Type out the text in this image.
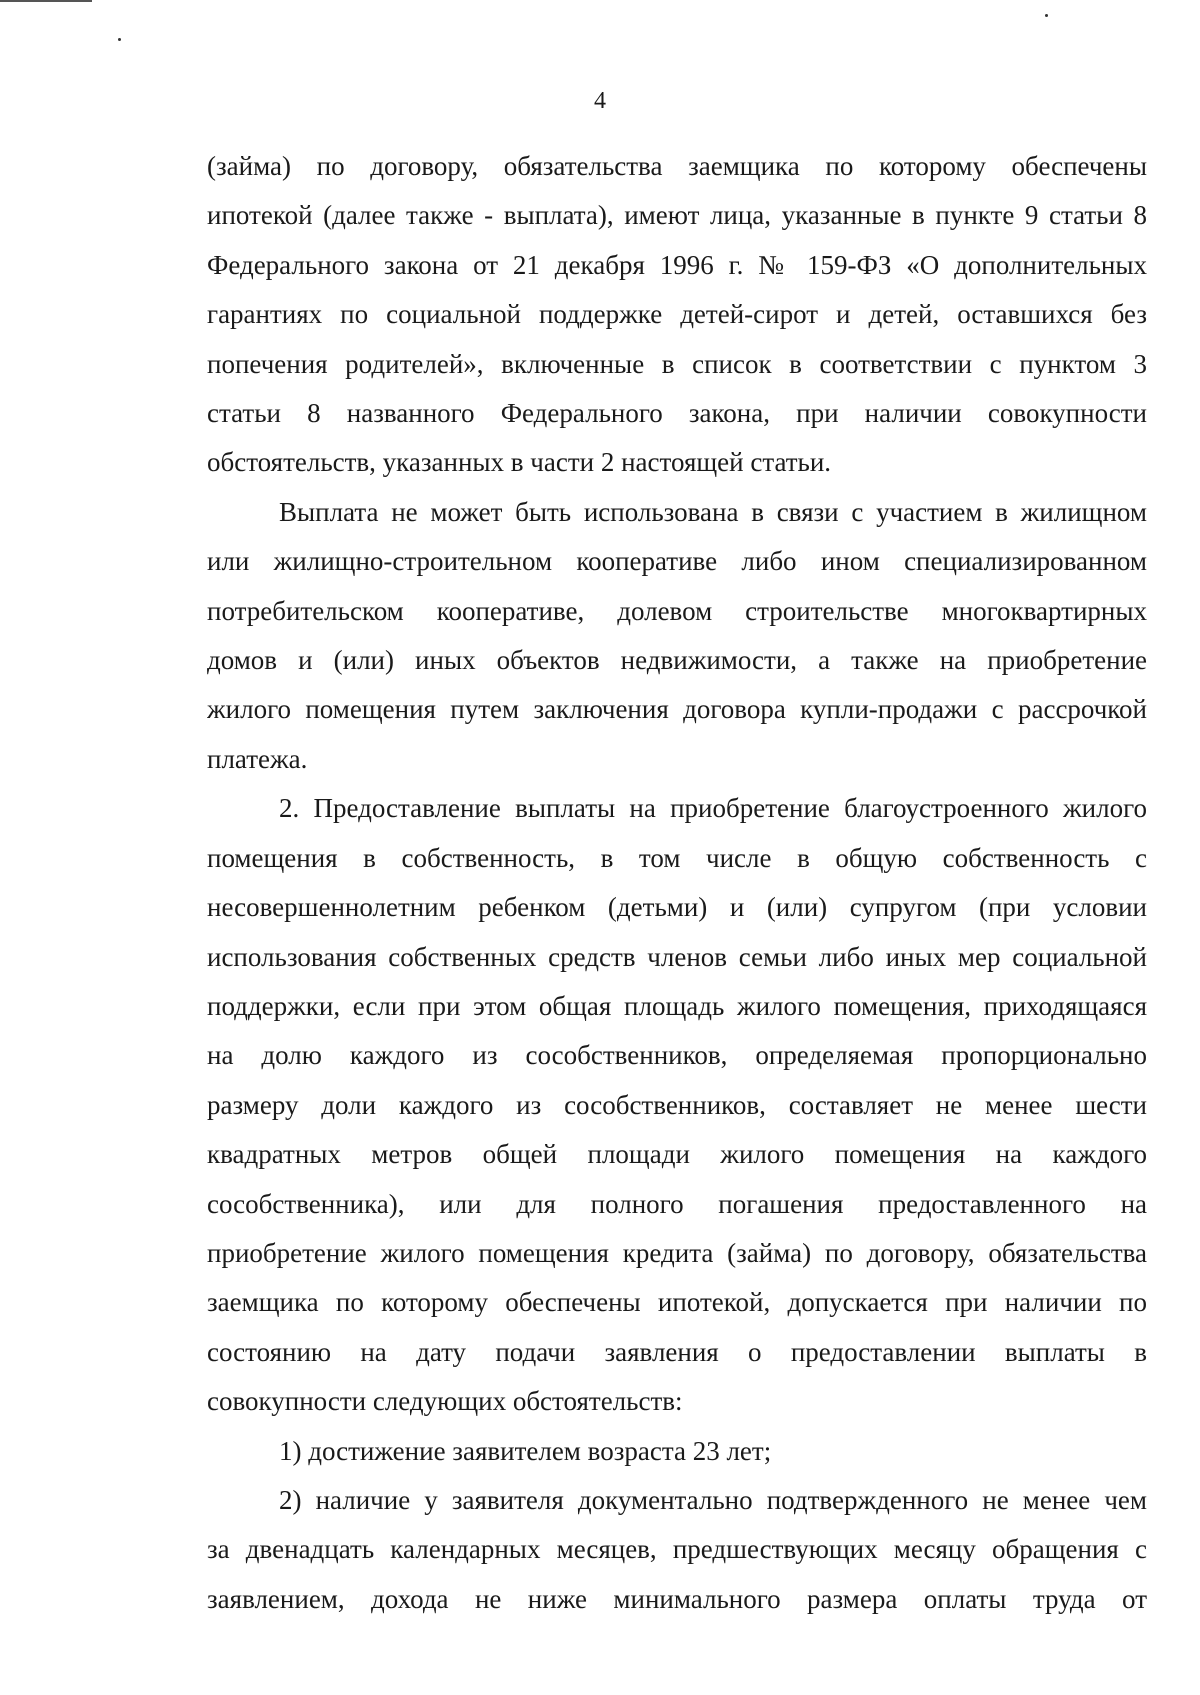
4
(займа) по договору, обязательства заемщика по которому обеспечены
ипотекой (далее также - выплата), имеют лица, указанные в пункте 9 статьи 8
Федерального закона от 21 декабря 1996 г. № 159-ФЗ «О дополнительных
гарантиях по социальной поддержке детей-сирот и детей, оставшихся без
попечения родителей», включенные в список в соответствии с пунктом 3
статьи 8 названного Федерального закона, при наличии совокупности
обстоятельств, указанных в части 2 настоящей статьи.
Выплата не может быть использована в связи с участием в жилищном
или жилищно-строительном кооперативе либо ином специализированном
потребительском кооперативе, долевом строительстве многоквартирных
домов и (или) иных объектов недвижимости, а также на приобретение
жилого помещения путем заключения договора купли-продажи с рассрочкой
платежа.
2. Предоставление выплаты на приобретение благоустроенного жилого
помещения в собственность, в том числе в общую собственность с
несовершеннолетним ребенком (детьми) и (или) супругом (при условии
использования собственных средств членов семьи либо иных мер социальной
поддержки, если при этом общая площадь жилого помещения, приходящаяся
на долю каждого из сособственников, определяемая пропорционально
размеру доли каждого из сособственников, составляет не менее шести
квадратных метров общей площади жилого помещения на каждого
сособственника), или для полного погашения предоставленного на
приобретение жилого помещения кредита (займа) по договору, обязательства
заемщика по которому обеспечены ипотекой, допускается при наличии по
состоянию на дату подачи заявления о предоставлении выплаты в
совокупности следующих обстоятельств:
1) достижение заявителем возраста 23 лет;
2) наличие у заявителя документально подтвержденного не менее чем
за двенадцать календарных месяцев, предшествующих месяцу обращения с
заявлением, дохода не ниже минимального размера оплаты труда от
